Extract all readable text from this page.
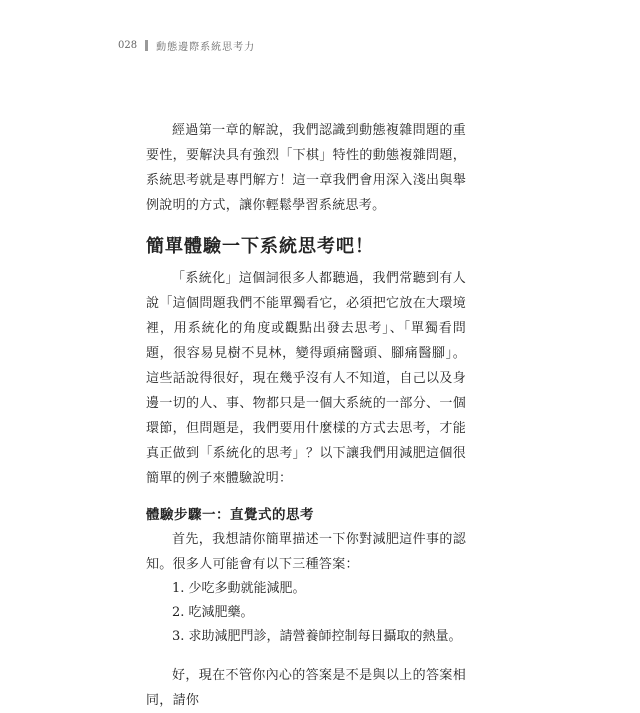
028 動態邊際系統思考力

經過第一章的解說，我們認識到動態複雜問題的重要性，要解決具有強烈「下棋」特性的動態複雜問題，系統思考就是專門解方！這一章我們會用深入淺出與舉例說明的方式，讓你輕鬆學習系統思考。

簡單體驗一下系統思考吧！

「系統化」這個詞很多人都聽過，我們常聽到有人說「這個問題我們不能單獨看它，必須把它放在大環境裡，用系統化的角度或觀點出發去思考」、「單獨看問題，很容易見樹不見林，變得頭痛醫頭、腳痛醫腳」。這些話說得很好，現在幾乎沒有人不知道，自己以及身邊一切的人、事、物都只是一個大系統的一部分、一個環節，但問題是，我們要用什麼樣的方式去思考，才能真正做到「系統化的思考」？以下讓我們用減肥這個很簡單的例子來體驗說明：

體驗步驟一：直覺式的思考

首先，我想請你簡單描述一下你對減肥這件事的認知。很多人可能會有以下三種答案：

1. 少吃多動就能減肥。
2. 吃減肥藥。
3. 求助減肥門診，請營養師控制每日攝取的熱量。

好，現在不管你內心的答案是不是與以上的答案相同，請你
